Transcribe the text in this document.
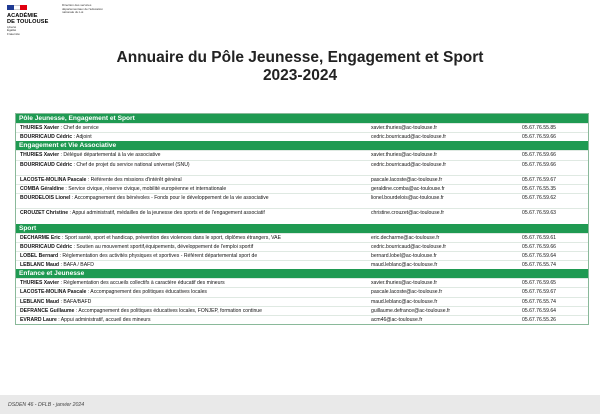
ACADÉMIE
DE TOULOUSE
Liberté
Égalité
Fraternité
Direction des services départementaux de l'éducation nationale du Lot
Annuaire du Pôle Jeunesse, Engagement et Sport
2023-2024
Pôle Jeunesse, Engagement et Sport
THURIES Xavier : Chef de service	xavier.thuries@ac-toulouse.fr	05.67.76.55.85
BOURRICAUD Cédric : Adjoint	cedric.bourricaud@ac-toulouse.fr	05.67.76.59.66
Engagement et Vie Associative
THURIES Xavier : Délégué départemental à la vie associative	xavier.thuries@ac-toulouse.fr	05.67.76.59.66
BOURRICAUD Cédric : Chef de projet du service national universel (SNU)	cedric.bourricaud@ac-toulouse.fr	05.67.76.59.66
LACOSTE-MOLINA Pascale : Référente des missions d'intérêt général	pascale.lacoste@ac-toulouse.fr	05.67.76.59.67
COMBA Géraldine : Service civique, réserve civique, mobilité européenne et internationale	geraldine.comba@ac-toulouse.fr	05.67.76.55.35
BOURDELOIS Lionel : Accompagnement des bénévoles - Fonds pour le développement de la vie associative	lionel.bourdelois@ac-toulouse.fr	05.67.76.59.62
CROUZET Christine : Appui administratif, médailles de la jeunesse des sports et de l'engagement associatif	christine.crouzet@ac-toulouse.fr	05.67.76.59.63
Sport
DECHARME Eric : Sport santé, sport et handicap, prévention des violences dans le sport, diplômes étrangers, VAE	eric.decharme@ac-toulouse.fr	05.67.76.59.61
BOURRICAUD Cédric : Soutien au mouvement sportif,équipements, développement de l'emploi sportif	cedric.bourricaud@ac-toulouse.fr	05.67.76.59.66
LOBEL Bernard : Réglementation des activités physiques et sportives - Référent départemental sport de	bernard.lobel@ac-toulouse.fr	05.67.76.59.64
LEBLANC Maud : BAFA / BAFD	maud.leblanc@ac-toulouse.fr	05.67.76.55.74
Enfance et Jeunesse
THURIES Xavier : Réglementation des accueils collectifs à caractère éducatif des mineurs	xavier.thuries@ac-toulouse.fr	05.67.76.59.65
LACOSTE-MOLINA Pascale : Accompagnement des politiques éducatives locales	pascale.lacoste@ac-toulouse.fr	05.67.76.59.67
LEBLANC Maud : BAFA/BAFD	maud.leblanc@ac-toulouse.fr	05.67.76.55.74
DEFRANCE Guillaume : Accompagnement des politiques éducatives locales, FONJEP, formation continue	guillaume.defrance@ac-toulouse.fr	05.67.76.59.64
EVRARD Laure : Appui administratif, accueil des mineurs	acm46@ac-toulouse.fr	05.67.76.55.26
DSDEN 46 - DFLB - janvier 2024
